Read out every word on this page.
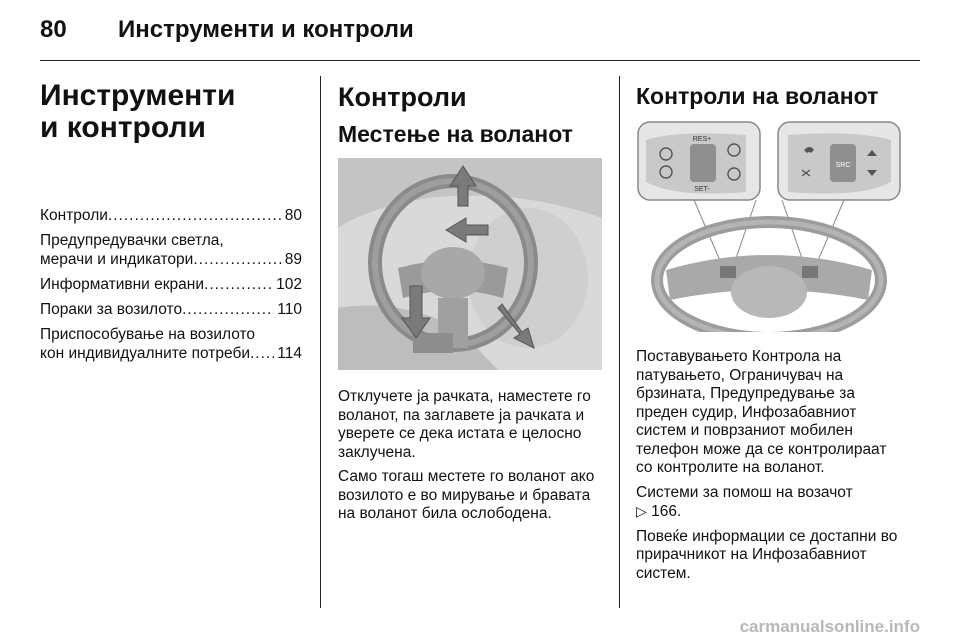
80 Инструменти и контроли
Инструменти и контроли
Контроли .....	80
Предупредувачки светла,
мерачи и индикатори .....	89
Информативни екрани .....	102
Пораки за возилото .....	110
Приспособување на возилото
кон индивидуалните потреби ..... 114
Контроли
Местење на воланот
Отклучете ја рачката, наместете го воланот, па заглавете ја рачката и уверете се дека истата е целосно заклучена.
Само тогаш местете го воланот ако возилото е во мирување и бравата на воланот била ослободена.
Контроли на воланот
RES+
SET-
SRC
Поставувањето Контрола на патувањето, Ограничувач на брзината, Предупредување за преден судир, Инфозабавниот систем и поврзаниот мобилен телефон може да се контролираат со контролите на воланот.
Системи за помош на возачот
▷ 166.
Повеќе информации се достапни во прирачникот на Инфозабавниот систем.
carmanualsonline.info
